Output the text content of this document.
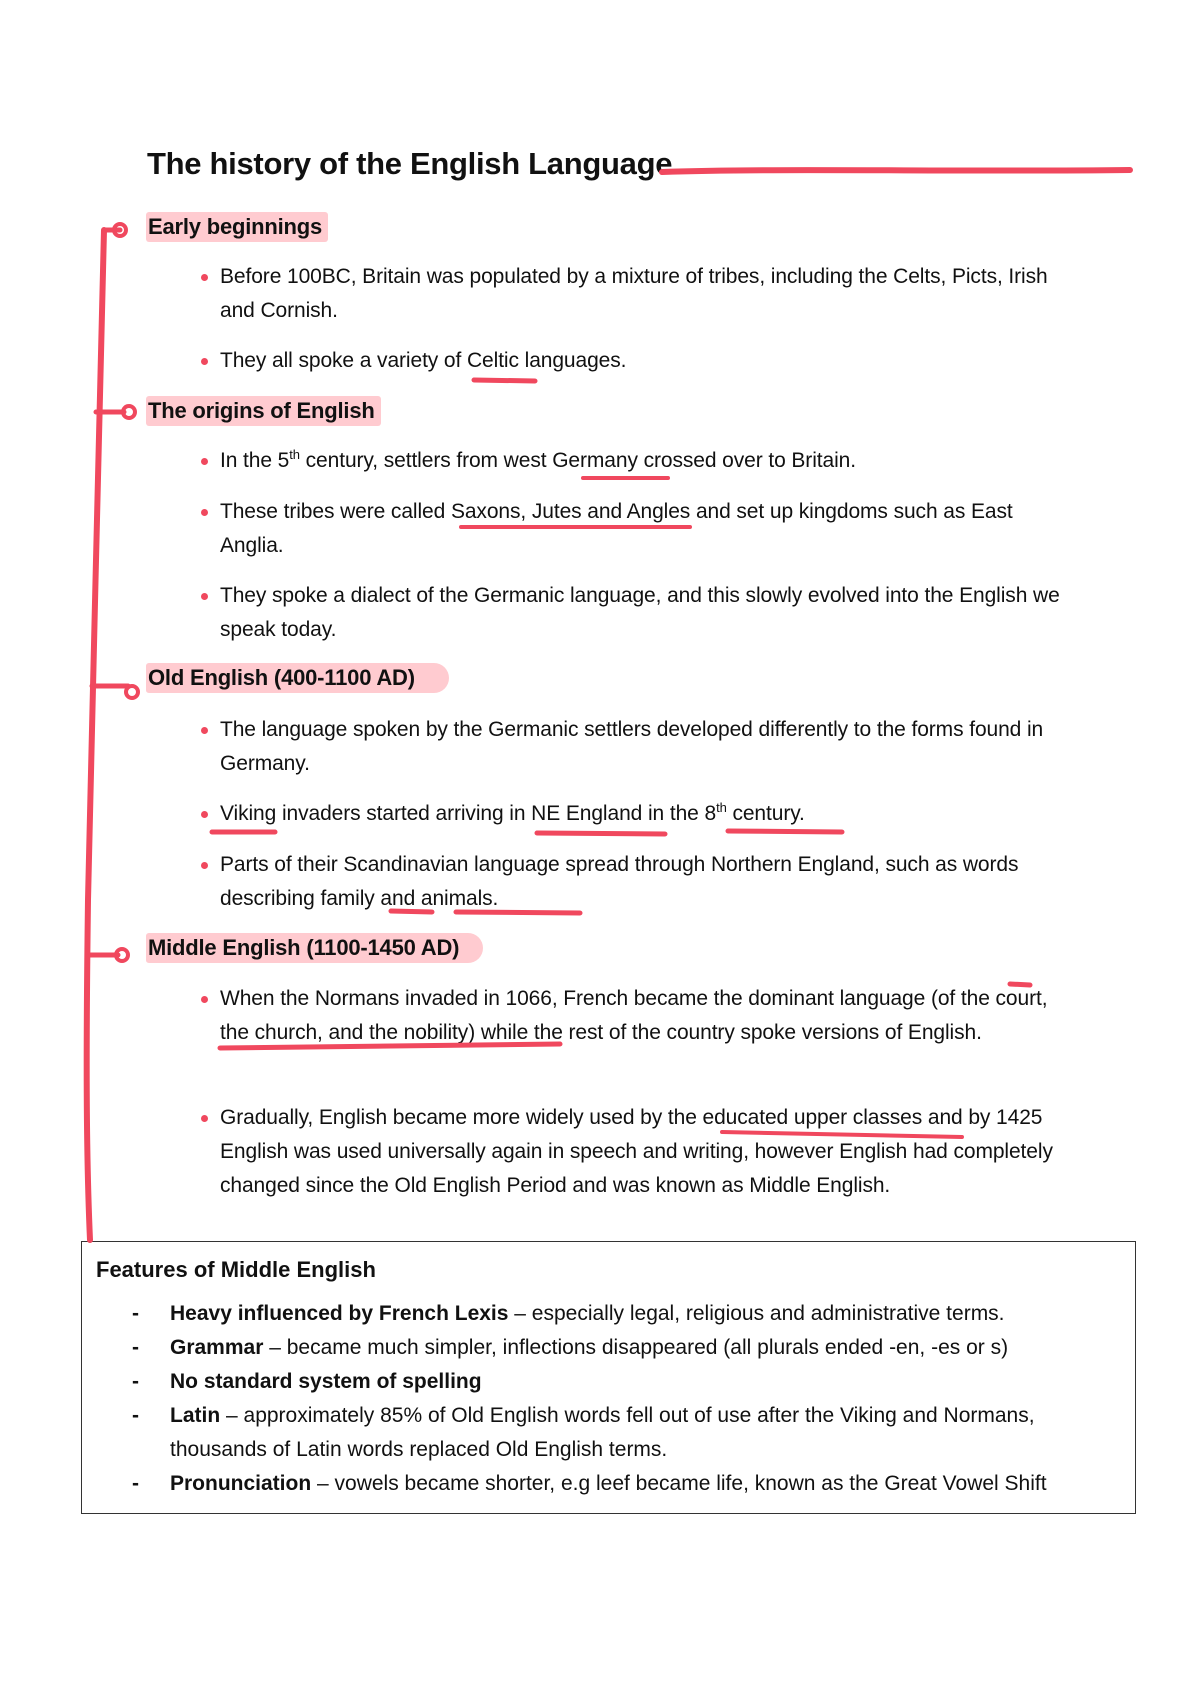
The history of the English Language
Early beginnings
Before 100BC, Britain was populated by a mixture of tribes, including the Celts, Picts, Irish and Cornish.
They all spoke a variety of Celtic languages.
The origins of English
In the 5th century, settlers from west Germany crossed over to Britain.
These tribes were called Saxons, Jutes and Angles and set up kingdoms such as East Anglia.
They spoke a dialect of the Germanic language, and this slowly evolved into the English we speak today.
Old English (400-1100 AD)
The language spoken by the Germanic settlers developed differently to the forms found in Germany.
Viking invaders started arriving in NE England in the 8th century.
Parts of their Scandinavian language spread through Northern England, such as words describing family and animals.
Middle English (1100-1450 AD)
When the Normans invaded in 1066, French became the dominant language (of the court, the church, and the nobility) while the rest of the country spoke versions of English.
Gradually, English became more widely used by the educated upper classes and by 1425 English was used universally again in speech and writing, however English had completely changed since the Old English Period and was known as Middle English.
Features of Middle English
- Heavy influenced by French Lexis – especially legal, religious and administrative terms.
- Grammar – became much simpler, inflections disappeared (all plurals ended -en, -es or s)
- No standard system of spelling
- Latin – approximately 85% of Old English words fell out of use after the Viking and Normans, thousands of Latin words replaced Old English terms.
- Pronunciation – vowels became shorter, e.g leef became life, known as the Great Vowel Shift
